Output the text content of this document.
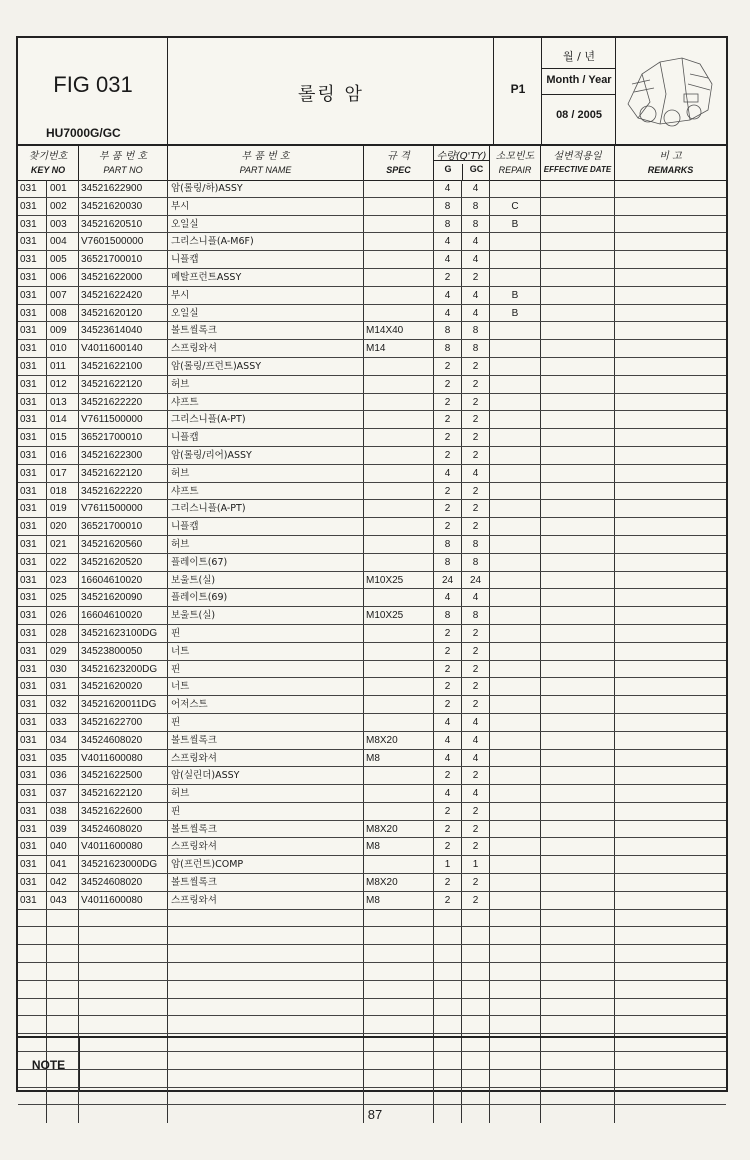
FIG 031
HU7000G/GC
롤링 암	P1
월 / 년
Month / Year
08 / 2005
찾기번호
KEY NO
부 품 번 호
PART NO
부 품 번 호
PART NAME
규 격
SPEC
수량(Q'TY)
G	GC
소모빈도
REPAIR
설변적용일
EFFECTIVE DATE
비 고
REMARKS
031	001	34521622900	암(롤링/하)ASSY	4	4
031	002	34521620030	부시	8	8	C
031	003	34521620510	오일실	8	8	B
031	004	V7601500000	그리스니플(A-M6F)	4	4
031	005	36521700010	니플캡	4	4
031	006	34521622000	메탈프런트ASSY	2	2
031	007	34521622420	부시	4	4	B
031	008	34521620120	오일실	4	4	B
031	009	34523614040	볼트씰록크	M14X40	8	8
031	010	V4011600140	스프링와셔	M14	8	8
031	011	34521622100	암(롤링/프런트)ASSY	2	2
031	012	34521622120	허브	2	2
031	013	34521622220	샤프트	2	2
031	014	V7611500000	그리스니플(A-PT)	2	2
031	015	36521700010	니플캡	2	2
031	016	34521622300	암(롤링/리어)ASSY	2	2
031	017	34521622120	허브	4	4
031	018	34521622220	샤프트	2	2
031	019	V7611500000	그리스니플(A-PT)	2	2
031	020	36521700010	니플캡	2	2
031	021	34521620560	허브	8	8
031	022	34521620520	플레이트(67)	8	8
031	023	16604610020	보울트(실)	M10X25	24	24
031	025	34521620090	플레이트(69)	4	4
031	026	16604610020	보울트(실)	M10X25	8	8
031	028	34521623100DG	핀	2	2
031	029	34523800050	너트	2	2
031	030	34521623200DG	핀	2	2
031	031	34521620020	너트	2	2
031	032	34521620011DG	어저스트	2	2
031	033	34521622700	핀	4	4
031	034	34524608020	볼트씰록크	M8X20	4	4
031	035	V4011600080	스프링와셔	M8	4	4
031	036	34521622500	암(실린더)ASSY	2	2
031	037	34521622120	허브	4	4
031	038	34521622600	핀	2	2
031	039	34524608020	볼트씰록크	M8X20	2	2
031	040	V4011600080	스프링와셔	M8	2	2
031	041	34521623000DG	암(프런트)COMP	1	1
031	042	34524608020	볼트씰록크	M8X20	2	2
031	043	V4011600080	스프링와셔	M8	2	2
NOTE
87
